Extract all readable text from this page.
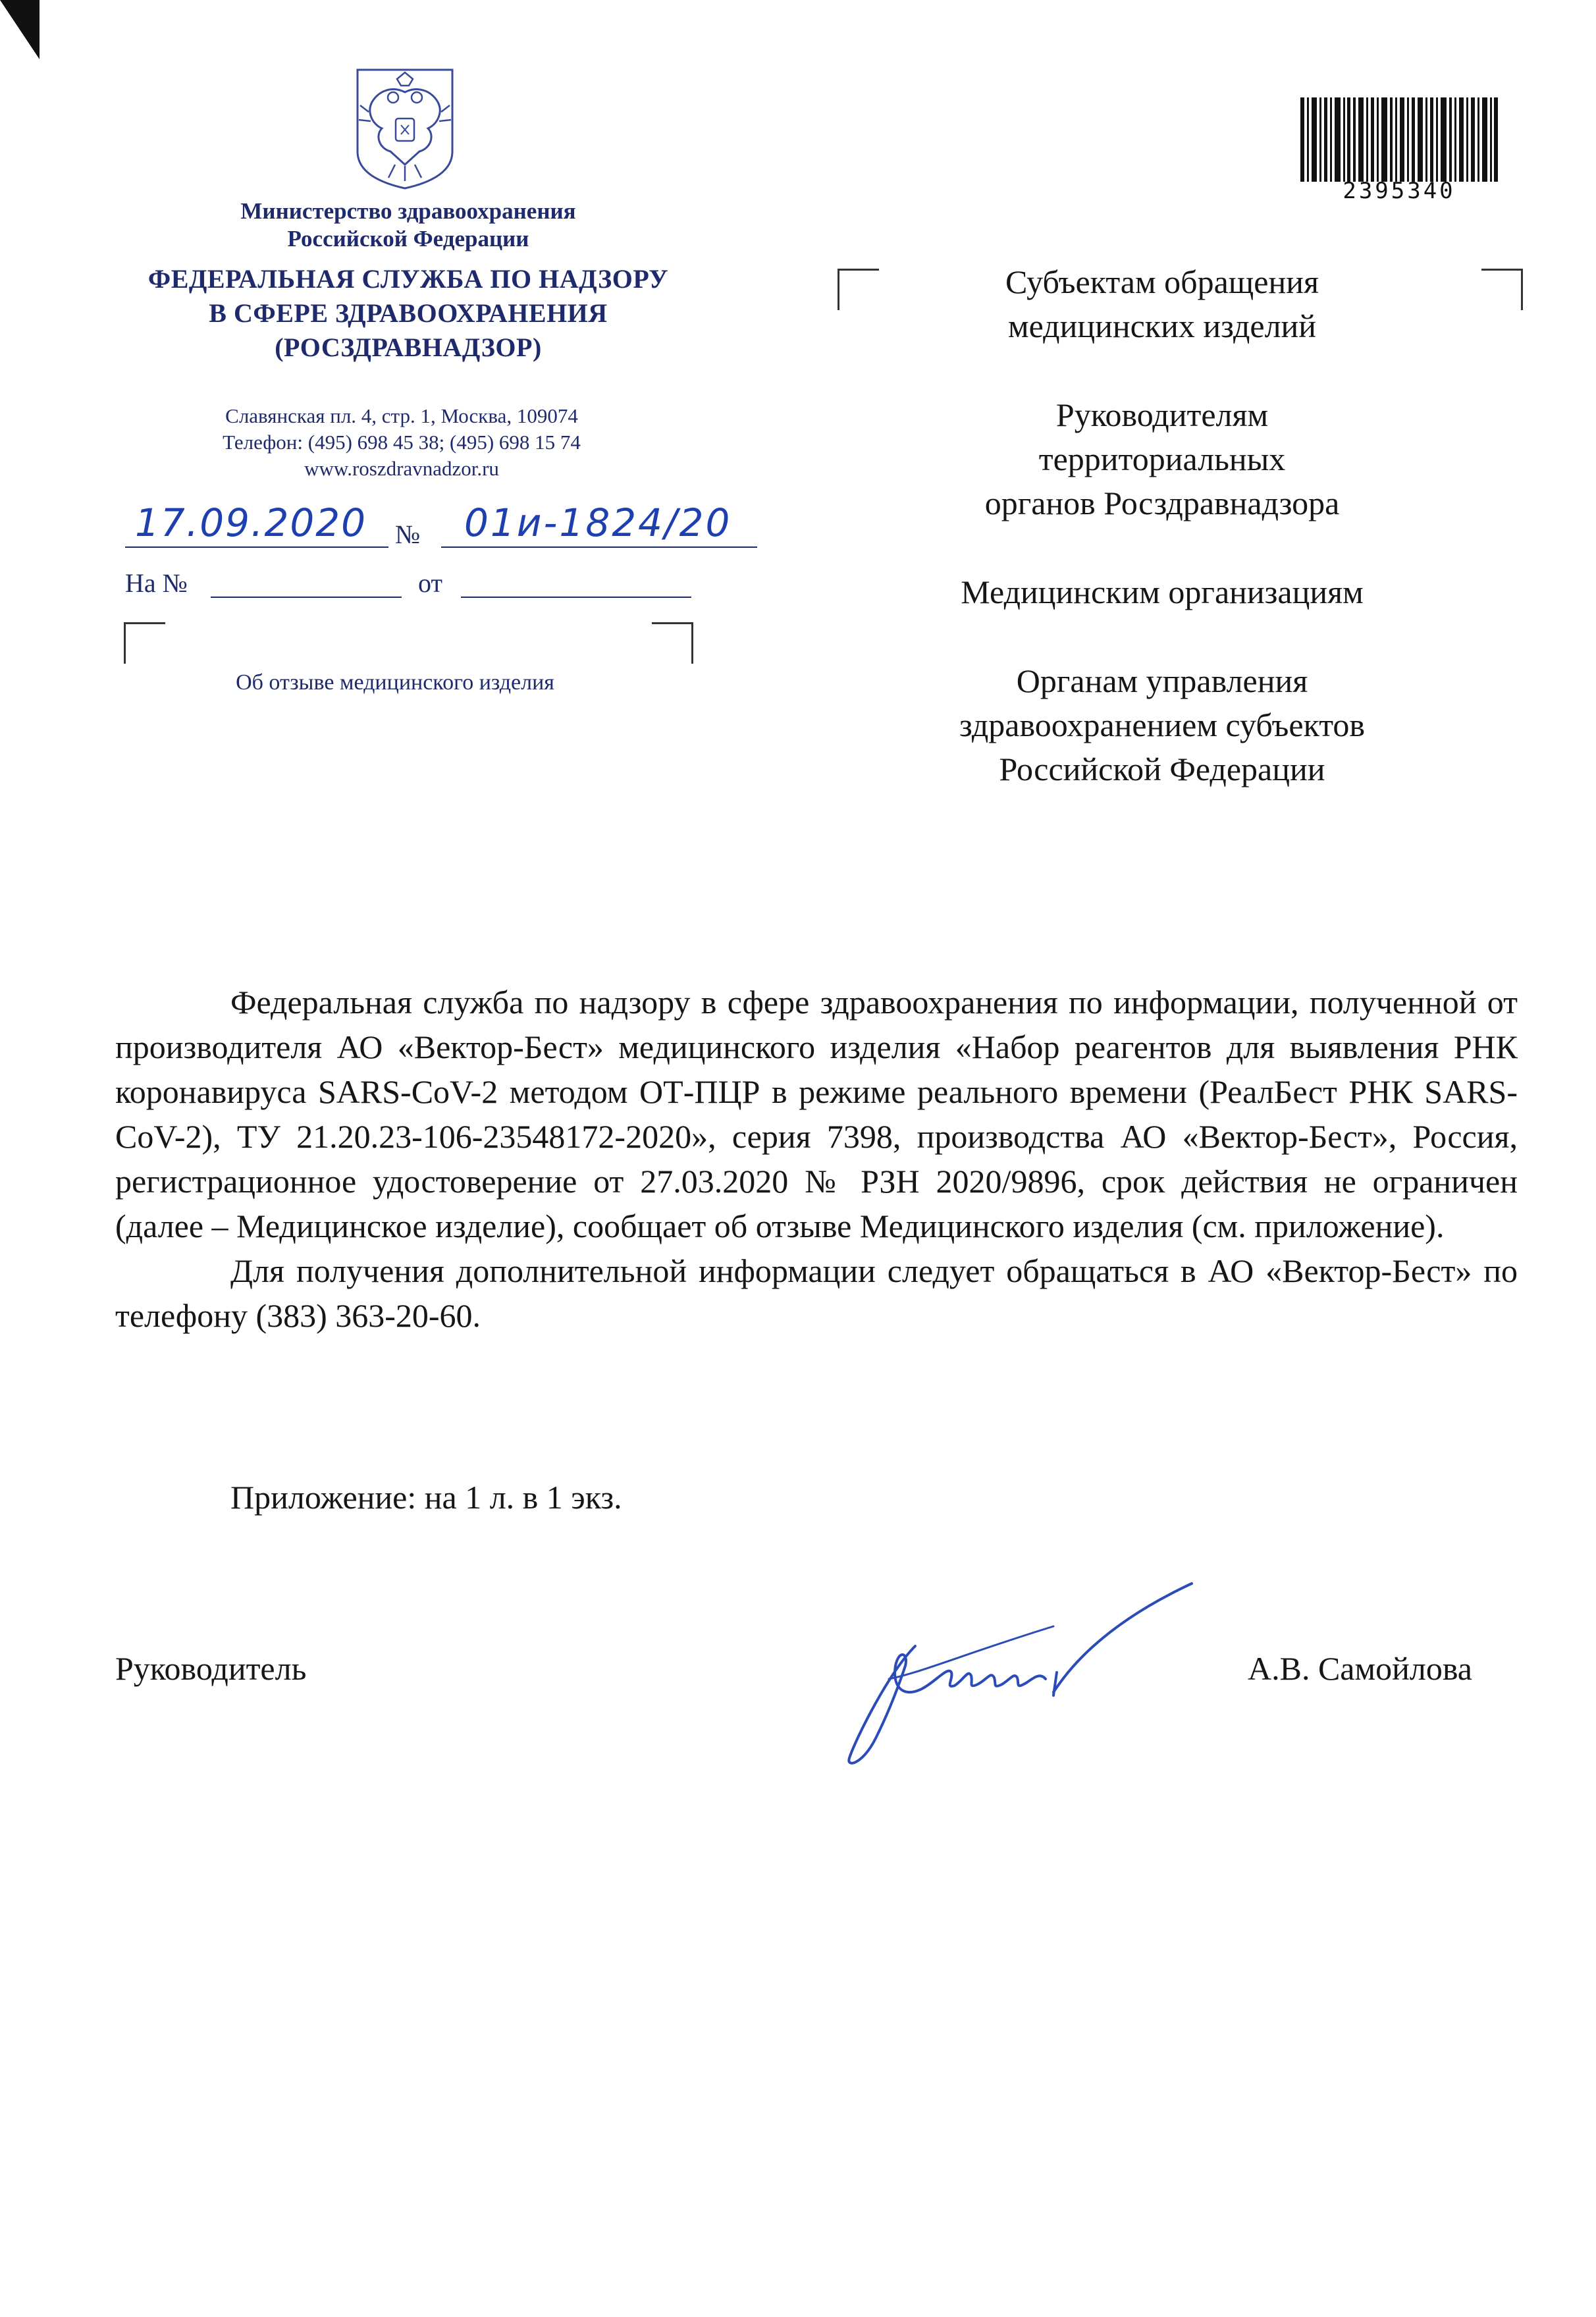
Министерство здравоохранения
Российской Федерации
ФЕДЕРАЛЬНАЯ СЛУЖБА ПО НАДЗОРУ
В СФЕРЕ ЗДРАВООХРАНЕНИЯ
(РОСЗДРАВНАДЗОР)
Славянская пл. 4, стр. 1, Москва, 109074
Телефон: (495) 698 45 38; (495) 698 15 74
www.roszdravnadzor.ru
17.09.2020 № 01и-1824/20
На №	от
Об отзыве медицинского изделия
2395340
Субъектам обращения
медицинских изделий
Руководителям
территориальных
органов Росздравнадзора
Медицинским организациям
Органам управления
здравоохранением субъектов
Российской Федерации

Федеральная служба по надзору в сфере здравоохранения по информации, полученной от производителя АО «Вектор-Бест» медицинского изделия «Набор реагентов для выявления РНК коронавируса SARS-CoV-2 методом ОТ-ПЦР в режиме реального времени (РеалБест РНК SARS-CoV-2), ТУ 21.20.23-106-23548172-2020», серия 7398, производства АО «Вектор-Бест», Россия, регистрационное удостоверение от 27.03.2020 № РЗН 2020/9896, срок действия не ограничен (далее – Медицинское изделие), сообщает об отзыве Медицинского изделия (см. приложение).

Для получения дополнительной информации следует обращаться в АО «Вектор-Бест» по телефону (383) 363-20-60.

Приложение: на 1 л. в 1 экз.
Руководитель	А.В. Самойлова
